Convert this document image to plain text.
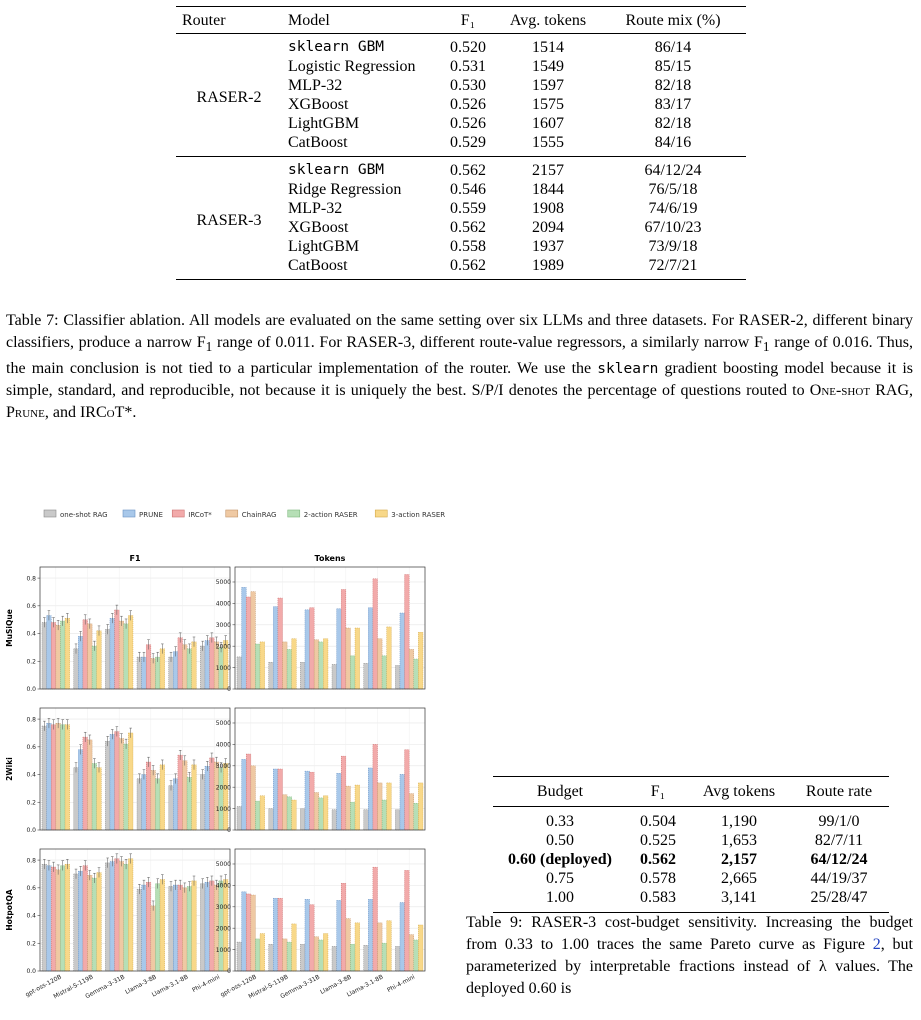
Router	Model	F₁	Avg. tokens	Route mix (%)
RASER-2	sklearn GBM	0.520	1514	86/14
	Logistic Regression	0.531	1549	85/15
	MLP-32	0.530	1597	82/18
	XGBoost	0.526	1575	83/17
	LightGBM	0.526	1607	82/18
	CatBoost	0.529	1555	84/16
RASER-3	sklearn GBM	0.562	2157	64/12/24
	Ridge Regression	0.546	1844	76/5/18
	MLP-32	0.559	1908	74/6/19
	XGBoost	0.562	2094	67/10/23
	LightGBM	0.558	1937	73/9/18
	CatBoost	0.562	1989	72/7/21

Table 7: Classifier ablation. All models are evaluated on the same setting over six LLMs and three datasets. For RASER-2, different binary classifiers, produce a narrow $F_1$ range of 0.011. For RASER-3, different route-value regressors, a similarly narrow $F_1$ range of 0.016. Thus, the main conclusion is not tied to a particular implementation of the router. We use the sklearn gradient boosting model because it is simple, standard, and reproducible, not because it is uniquely the best. S/P/I denotes the percentage of questions routed to One-shot RAG, Prune, and IRCoT*.

one-shot RAG	PRUNE	IRCoT*	ChainRAG	2-action RASER	3-action RASER
F1	Tokens
MuSiQue
0.0
0.2
0.4
0.6
0.8
0
1000
2000
3000
4000
5000
2Wiki
0.0
0.2
0.4
0.6
0.8
0
1000
2000
3000
4000
5000
HotpotQA
0.0
0.2
0.4
0.6
0.8
gpt-oss-120B
Mistral-S-119B
Gemma-3-31B
Llama-3-8B
Llama-3.1-8B Phi-4-mini
0
1000
2000
3000
4000
5000
gpt-oss-120B
Mistral-S-119B
Gemma-3-31B
Llama-3-8B
Llama-3.1-8B Phi-4-mini
Budget	F₁	Avg tokens	Route rate
0.33	0.504	1,190	99/1/0
0.50	0.525	1,653	82/7/11
0.60 (deployed)	0.562	2,157	64/12/24
0.75	0.578	2,665	44/19/37
1.00	0.583	3,141	25/28/47

Table 9: RASER-3 cost-budget sensitivity. Increasing the budget from 0.33 to 1.00 traces the same Pareto curve as Figure 2, but parameterized by interpretable fractions instead of λ values. The deployed 0.60 is
